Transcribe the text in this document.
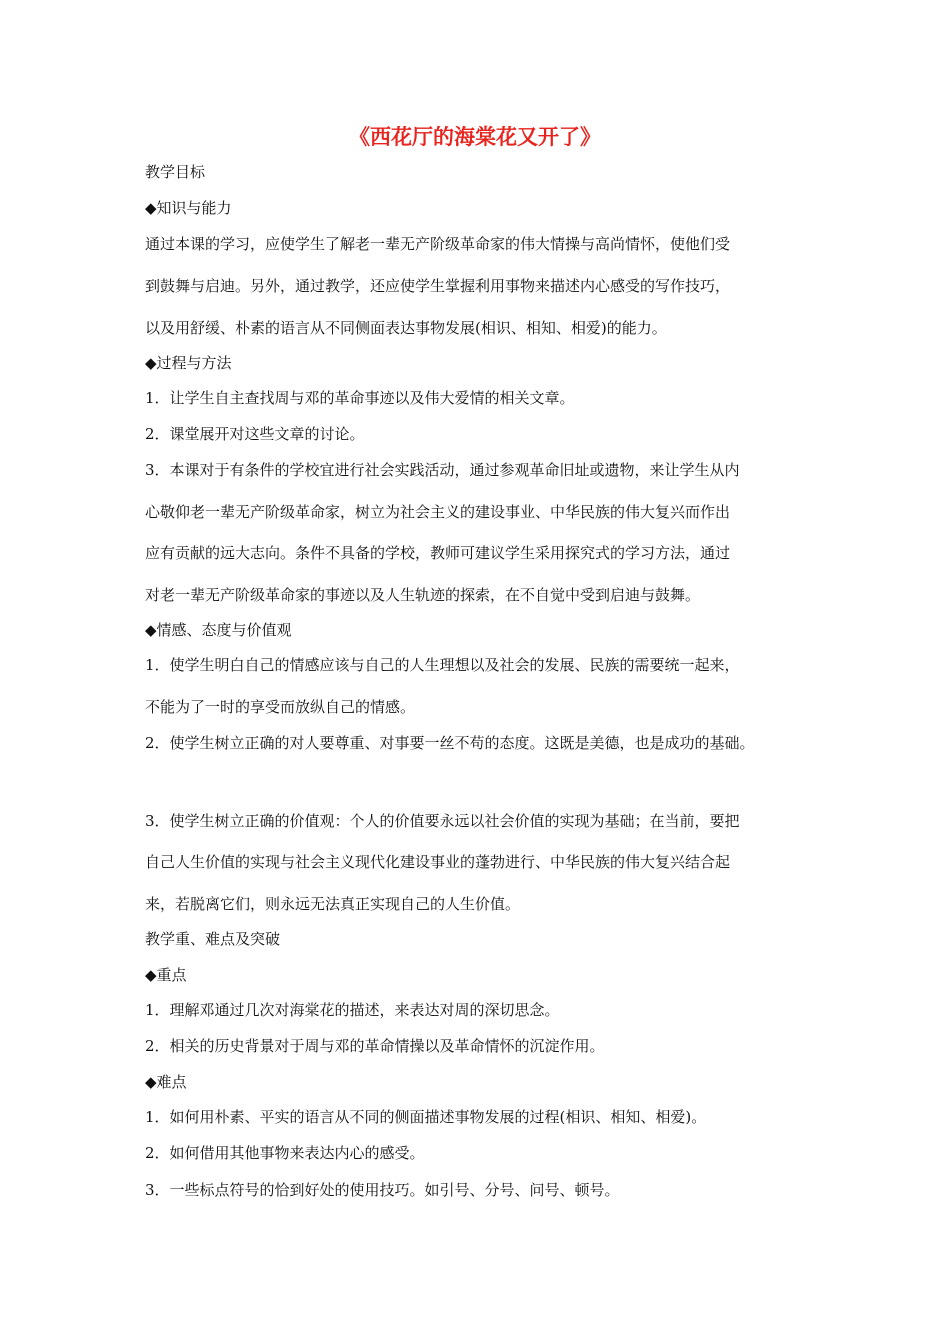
《西花厅的海棠花又开了》
教学目标
◆知识与能力
通过本课的学习，应使学生了解老一辈无产阶级革命家的伟大情操与高尚情怀，使他们受
到鼓舞与启迪。另外，通过教学，还应使学生掌握利用事物来描述内心感受的写作技巧，
以及用舒缓、朴素的语言从不同侧面表达事物发展(相识、相知、相爱)的能力。
◆过程与方法
1．让学生自主查找周与邓的革命事迹以及伟大爱情的相关文章。
2．课堂展开对这些文章的讨论。
3．本课对于有条件的学校宜进行社会实践活动，通过参观革命旧址或遗物，来让学生从内
心敬仰老一辈无产阶级革命家，树立为社会主义的建设事业、中华民族的伟大复兴而作出
应有贡献的远大志向。条件不具备的学校，教师可建议学生采用探究式的学习方法，通过
对老一辈无产阶级革命家的事迹以及人生轨迹的探索，在不自觉中受到启迪与鼓舞。
◆情感、态度与价值观
1．使学生明白自己的情感应该与自己的人生理想以及社会的发展、民族的需要统一起来，
不能为了一时的享受而放纵自己的情感。
2．使学生树立正确的对人要尊重、对事要一丝不苟的态度。这既是美德，也是成功的基础。
3．使学生树立正确的价值观：个人的价值要永远以社会价值的实现为基础；在当前，要把
自己人生价值的实现与社会主义现代化建设事业的蓬勃进行、中华民族的伟大复兴结合起
来，若脱离它们，则永远无法真正实现自己的人生价值。
教学重、难点及突破
◆重点
1．理解邓通过几次对海棠花的描述，来表达对周的深切思念。
2．相关的历史背景对于周与邓的革命情操以及革命情怀的沉淀作用。
◆难点
1．如何用朴素、平实的语言从不同的侧面描述事物发展的过程(相识、相知、相爱)。
2．如何借用其他事物来表达内心的感受。
3．一些标点符号的恰到好处的使用技巧。如引号、分号、问号、顿号。
